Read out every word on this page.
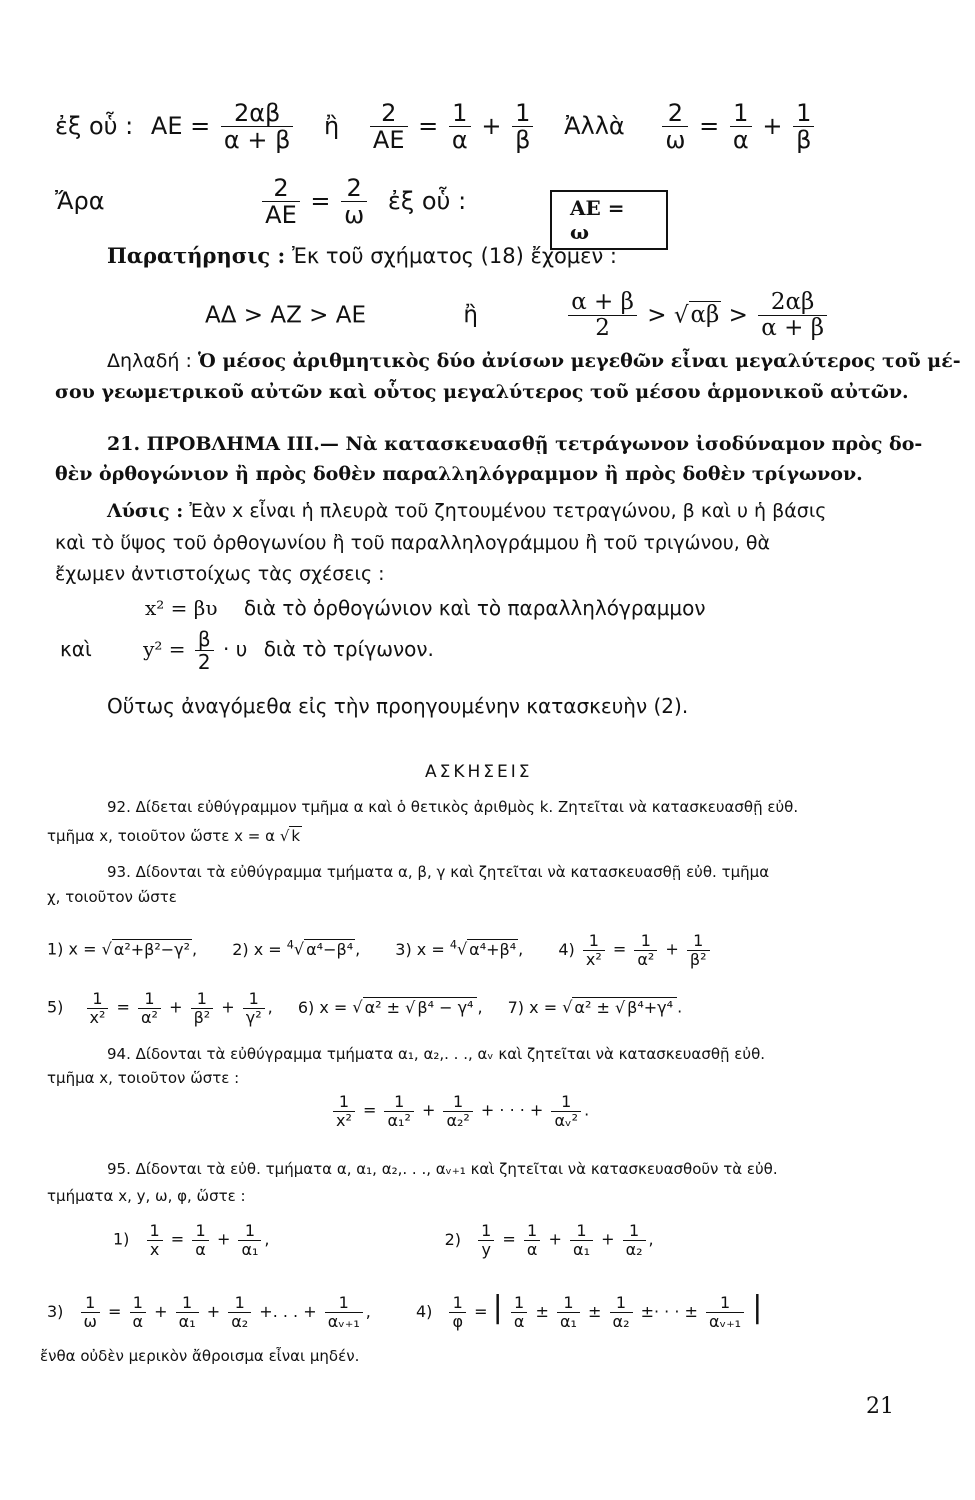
ἐξ οὗ : AE = $\frac{2\alpha\beta}{\alpha + \beta}$ ἢ $\frac{2}{AE} = \frac{1}{\alpha} + \frac{1}{\beta}$ Ἀλλὰ $\frac{2}{\omega} = \frac{1}{\alpha} + \frac{1}{\beta}$
Ἄρα	$\frac{2}{AE} = \frac{2}{\omega}$ ἐξ οὗ :	AE = ω
Παρατήρησις : Ἐκ τοῦ σχήματος (18) ἔχομεν :
ΑΔ > ΑΖ > ΑΕ	ἢ	$\frac{\alpha + \beta}{2} > √\alpha\beta > \frac{2\alpha\beta}{\alpha + \beta}$
Δηλαδή : Ὁ μέσος ἀριθμητικὸς δύο ἀνίσων μεγεθῶν εἶναι μεγαλύτερος τοῦ μέ-
σου γεωμετρικοῦ αὐτῶν καὶ οὗτος μεγαλύτερος τοῦ μέσου ἁρμονικοῦ αὐτῶν.
21. ΠΡΟΒΛΗΜΑ ΙΙΙ.— Νὰ κατασκευασθῇ τετράγωνον ἰσοδύναμον πρὸς δο-
θὲν ὀρθογώνιον ἢ πρὸς δοθὲν παραλληλόγραμμον ἢ πρὸς δοθὲν τρίγωνον.
Λύσις : Ἐὰν x εἶναι ἡ πλευρὰ τοῦ ζητουμένου τετραγώνου, β καὶ υ ἡ βάσις
καὶ τὸ ὕψος τοῦ ὀρθογωνίου ἢ τοῦ παραλληλογράμμου ἢ τοῦ τριγώνου, θὰ
ἔχωμεν ἀντιστοίχως τὰς σχέσεις :
x² = βυ διὰ τὸ ὀρθογώνιον καὶ τὸ παραλληλόγραμμον
καὶ	$y^2 = \frac{\beta}{2} \cdot \upsilon$ διὰ τὸ τρίγωνον.
Οὕτως ἀναγόμεθα εἰς τὴν προηγουμένην κατασκευὴν (2).
ΑΣΚΗΣΕΙΣ
92. Δίδεται εὐθύγραμμον τμῆμα α καὶ ὁ θετικὸς ἀριθμὸς k. Ζητεῖται νὰ κατασκευασθῇ εὐθ.
τμῆμα x, τοιοῦτον ὥστε x = α √ k
93. Δίδονται τὰ εὐθύγραμμα τμήματα α, β, γ καὶ ζητεῖται νὰ κατασκευασθῇ εὐθ. τμῆμα
χ, τοιοῦτον ὥστε
1) x = √ α²+β²−γ² , 2) x = $^4$√ α⁴−β⁴ , 3) x = $^4$√ α⁴+β⁴ , $4) \frac{1}{\text{x²}} = \frac{1}{\text{α²}} + \frac{1}{\text{β²}}$
$5) \frac{1}{\text{x²}} = \frac{1}{\text{α²}} + \frac{1}{\text{β²}} + \frac{1}{\text{γ²}}$ , 6) x = √ α² ± √ β⁴ − γ⁴ , 7) x = √ α² ± √ β⁴+γ⁴ .
94. Δίδονται τὰ εὐθύγραμμα τμήματα α₁, α₂,. . ., αᵥ καὶ ζητεῖται νὰ κατασκευασθῇ εὐθ.
τμῆμα x, τοιοῦτον ὥστε :
$\frac{1}{\text{x²}} = \frac{1}{\text{α₁²}} + \frac{1}{\text{α₂²}}$ + · · · + $\frac{1}{\text{αᵥ²}}$ .
95. Δίδονται τὰ εὐθ. τμήματα α, α₁, α₂,. . ., αᵥ₊₁ καὶ ζητεῖται νὰ κατασκευασθοῦν τὰ εὐθ.
τμήματα x, y, ω, φ, ὥστε :
$1) \frac{1}{x} = \frac{1}{\alpha} + \frac{1}{\text{α₁}}$ ,	$2) \frac{1}{y} = \frac{1}{\alpha} + \frac{1}{\text{α₁}} + \frac{1}{\text{α₂}}$ ,
$3) \frac{1}{\omega} = \frac{1}{\alpha} + \frac{1}{\text{α₁}} + \frac{1}{\text{α₂}}$ +. . . + $\frac{1}{\text{αᵥ₊₁}}$ ,	$4) \frac{1}{\varphi}$ = | $\frac{1}{\alpha} \pm \frac{1}{\text{α₁}} \pm \frac{1}{\text{α₂}}$ ±· · · ± $\frac{1}{\text{αᵥ₊₁}}$ |
ἔνθα οὐδὲν μερικὸν ἄθροισμα εἶναι μηδέν.
21
